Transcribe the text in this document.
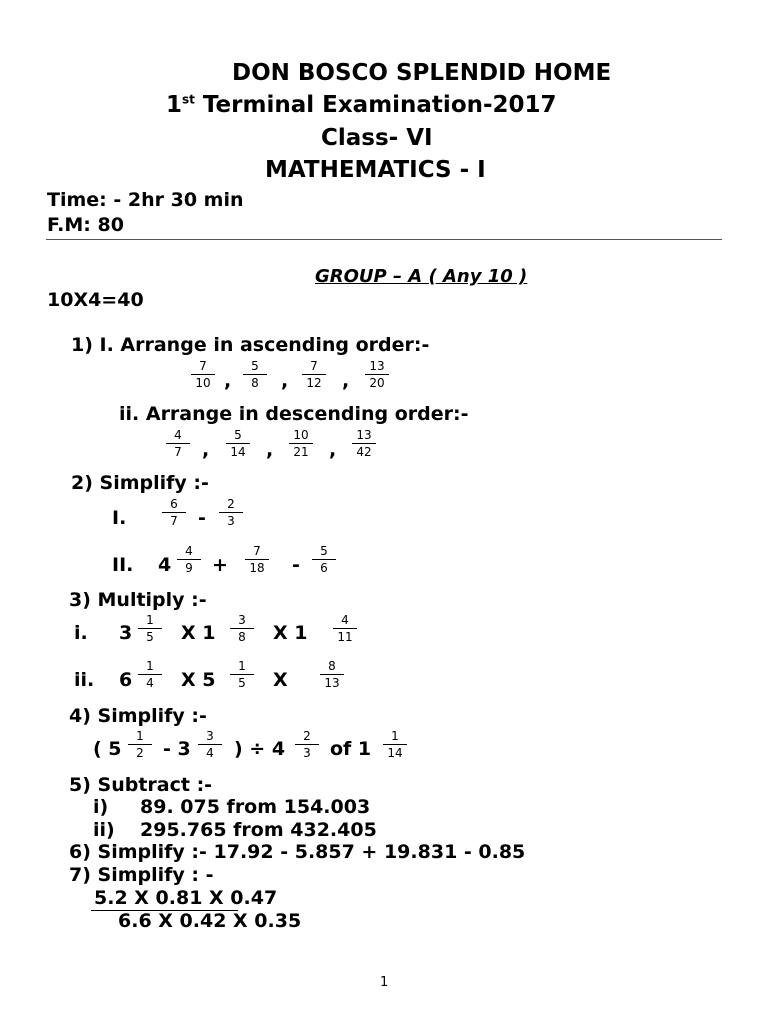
DON BOSCO SPLENDID HOME
1st Terminal Examination-2017
Class- VI
MATHEMATICS - I
Time: - 2hr 30 min
F.M: 80
GROUP – A ( Any 10 )
10X4=40
1) I. Arrange in ascending order:-
$\frac{7}{10}$ , $\frac{5}{8}$ , $\frac{7}{12}$ , $\frac{13}{20}$
ii. Arrange in descending order:-
$\frac{4}{7}$ , $\frac{5}{14}$ , $\frac{10}{21}$ , $\frac{13}{42}$
2) Simplify :-
I.	$\frac{6}{7} - \frac{2}{3}$
II. $4 \frac{4}{9} + \frac{7}{18} - \frac{5}{6}$
3) Multiply :-
i. $3 \frac{1}{5}$ X $1 \frac{3}{8}$ X $1 \frac{4}{11}$
ii. $6 \frac{1}{4}$ X $5 \frac{1}{5}$ X	$\frac{8}{13}$
4) Simplify :-
( $5 \frac{1}{2} - 3 \frac{3}{4}$ ) ÷ $4 \frac{2}{3}$ of $1 \frac{1}{14}$
5) Subtract :-
i) 89. 075 from 154.003
ii) 295.765 from 432.405
6) Simplify :- 17.92 - 5.857 + 19.831 - 0.85
7) Simplify : -
5.2 X 0.81 X 0.47
6.6 X 0.42 X 0.35
1
